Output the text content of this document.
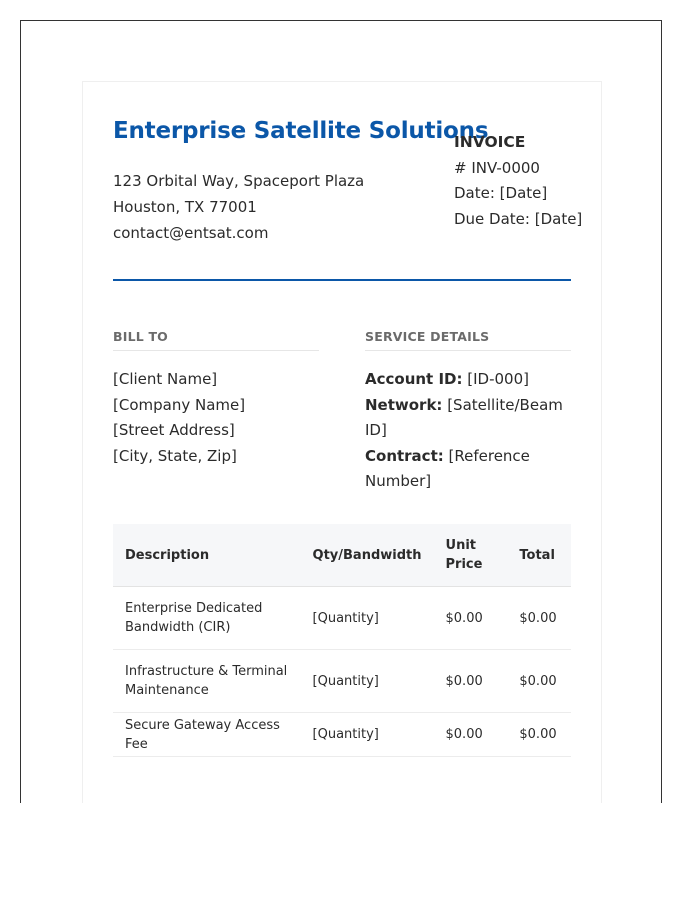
Enterprise Satellite Solutions
123 Orbital Way, Spaceport Plaza
Houston, TX 77001
contact@entsat.com
INVOICE
# INV-0000
Date: [Date]
Due Date: [Date]
BILL TO	SERVICE DETAILS
[Client Name]
[Company Name]
[Street Address]
[City, State, Zip]
Account ID: [ID-000]
Network: [Satellite/Beam ID]
Contract: [Reference Number]
Description	Qty/Bandwidth	Unit Price	Total
Enterprise Dedicated Bandwidth (CIR)	[Quantity]	$0.00	$0.00
Infrastructure & Terminal Maintenance	[Quantity]	$0.00	$0.00
Secure Gateway Access Fee	[Quantity]	$0.00	$0.00
